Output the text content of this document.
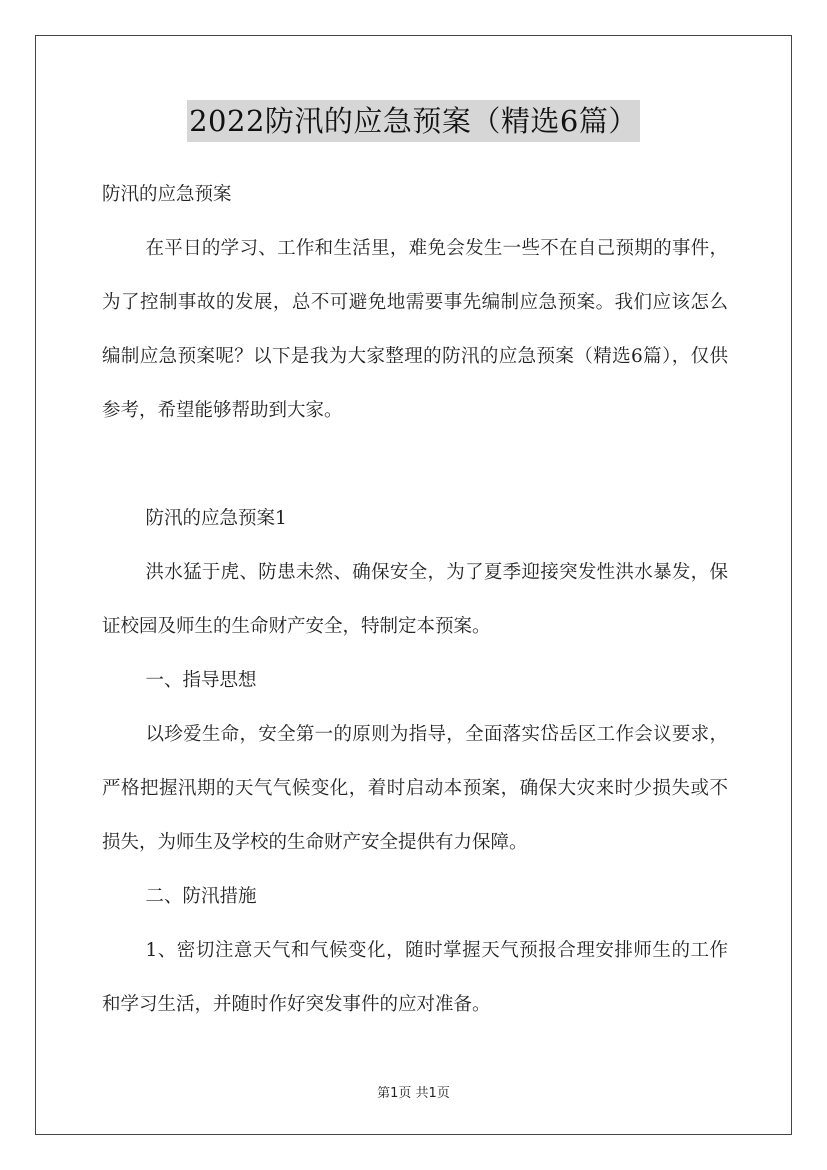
2022防汛的应急预案（精选6篇）

防汛的应急预案

在平日的学习、工作和生活里，难免会发生一些不在自己预期的事件，为了控制事故的发展，总不可避免地需要事先编制应急预案。我们应该怎么编制应急预案呢？以下是我为大家整理的防汛的应急预案（精选6篇），仅供参考，希望能够帮助到大家。

防汛的应急预案1

洪水猛于虎、防患未然、确保安全，为了夏季迎接突发性洪水暴发，保证校园及师生的生命财产安全，特制定本预案。

一、指导思想

以珍爱生命，安全第一的原则为指导，全面落实岱岳区工作会议要求，严格把握汛期的天气气候变化，着时启动本预案，确保大灾来时少损失或不损失，为师生及学校的生命财产安全提供有力保障。

二、防汛措施

1、密切注意天气和气候变化，随时掌握天气预报合理安排师生的工作和学习生活，并随时作好突发事件的应对准备。

第1页 共1页
